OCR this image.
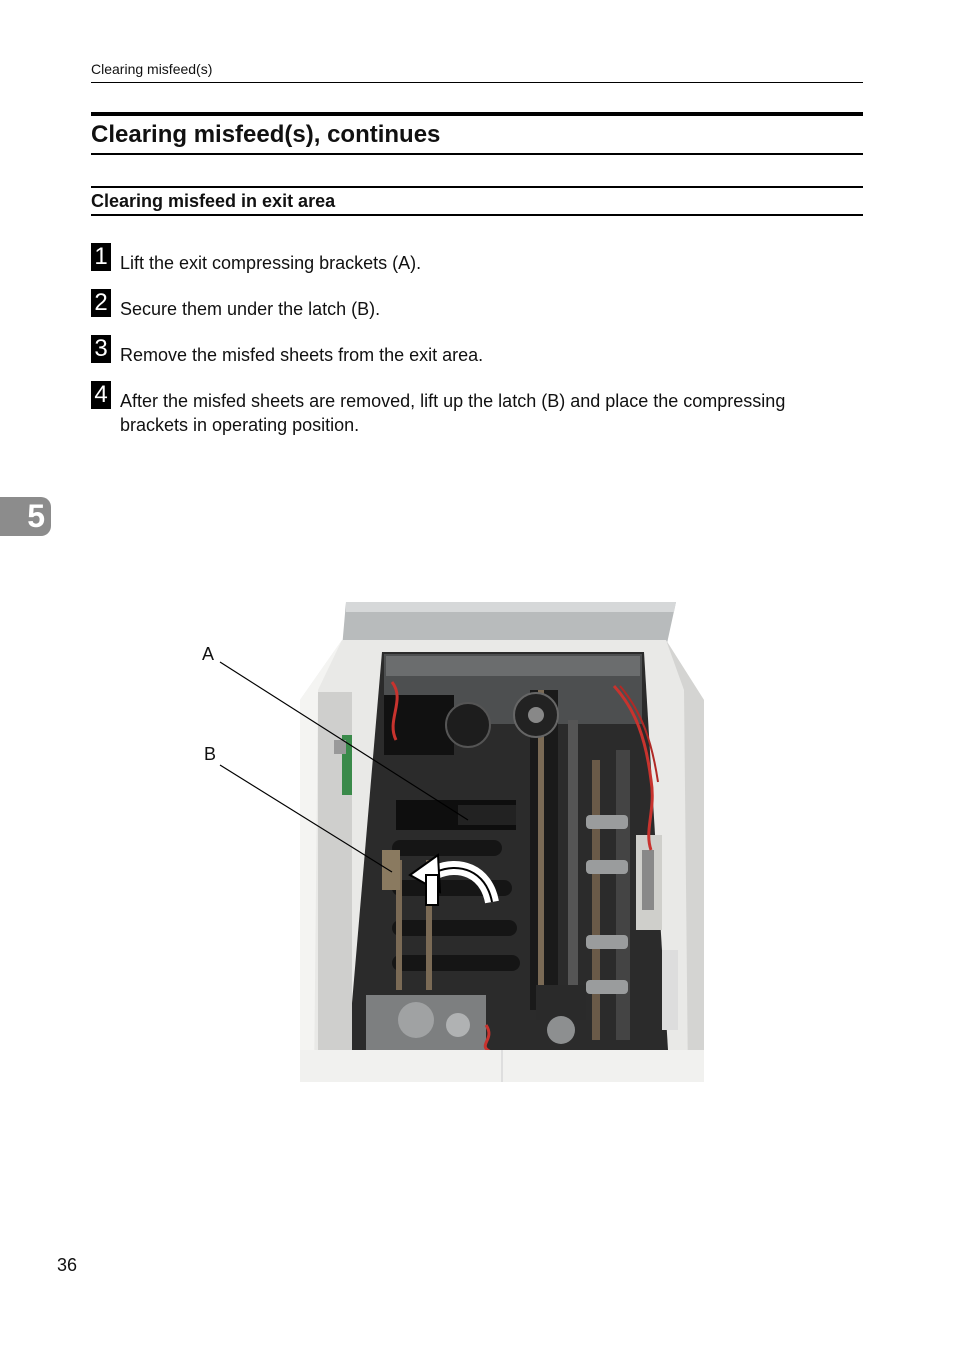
Clearing misfeed(s)
Clearing misfeed(s), continues
Clearing misfeed in exit area
1 Lift the exit compressing brackets (A).
2 Secure them under the latch (B).
3 Remove the misfed sheets from the exit area.
4 After the misfed sheets are removed, lift up the latch (B) and place the compressing brackets in operating position.
5
A
B
36
